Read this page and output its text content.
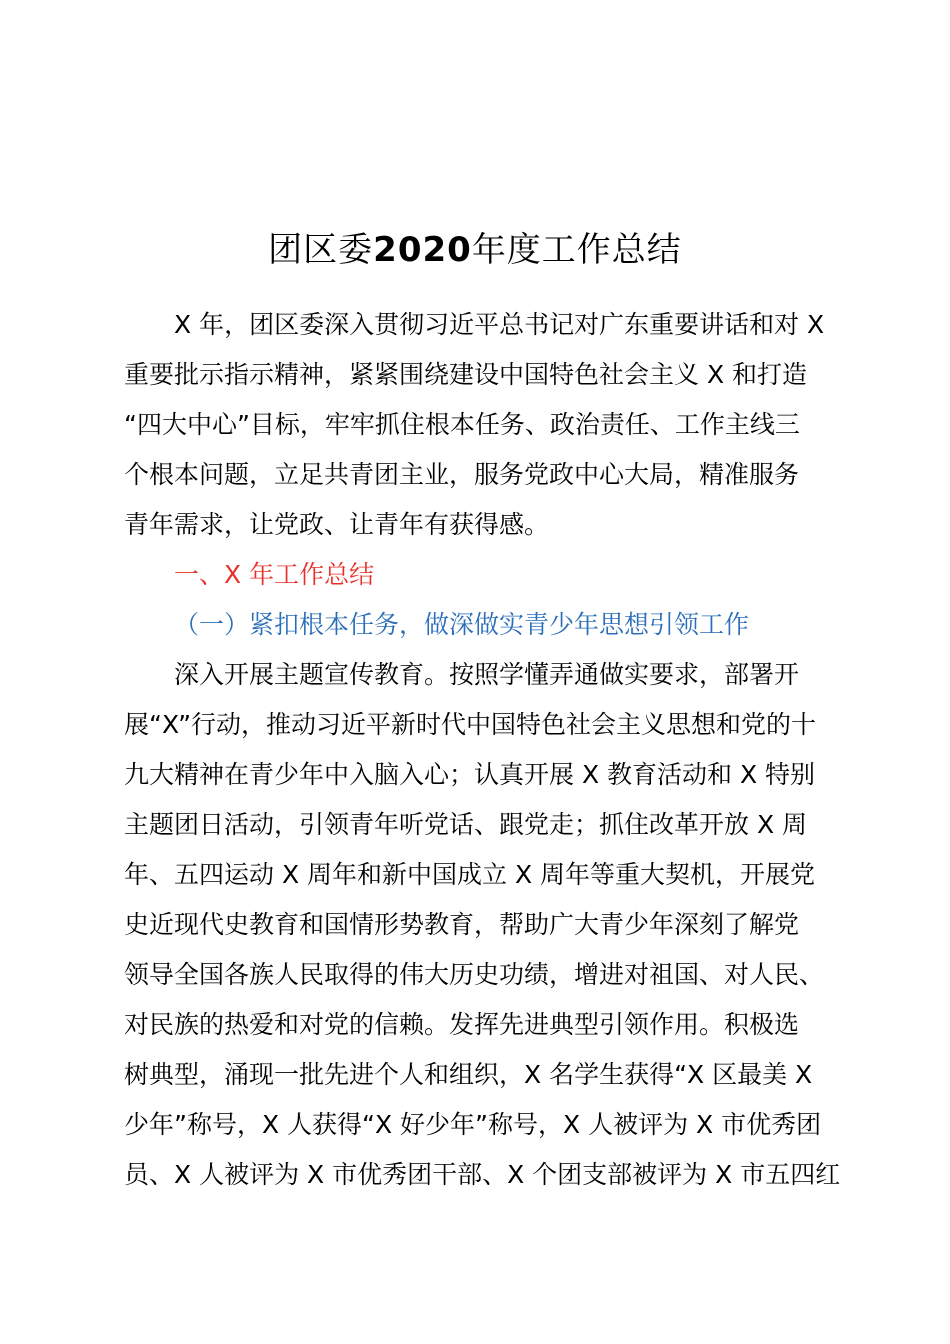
团区委2020年度工作总结
X 年，团区委深入贯彻习近平总书记对广东重要讲话和对 X
重要批示指示精神，紧紧围绕建设中国特色社会主义 X 和打造
“四大中心”目标，牢牢抓住根本任务、政治责任、工作主线三
个根本问题，立足共青团主业，服务党政中心大局，精准服务
青年需求，让党政、让青年有获得感。
一、X 年工作总结
（一）紧扣根本任务，做深做实青少年思想引领工作
深入开展主题宣传教育。按照学懂弄通做实要求，部署开
展“X”行动，推动习近平新时代中国特色社会主义思想和党的十
九大精神在青少年中入脑入心；认真开展 X 教育活动和 X 特别
主题团日活动，引领青年听党话、跟党走；抓住改革开放 X 周
年、五四运动 X 周年和新中国成立 X 周年等重大契机，开展党
史近现代史教育和国情形势教育，帮助广大青少年深刻了解党
领导全国各族人民取得的伟大历史功绩，增进对祖国、对人民、
对民族的热爱和对党的信赖。发挥先进典型引领作用。积极选
树典型，涌现一批先进个人和组织，X 名学生获得“X 区最美 X
少年”称号，X 人获得“X 好少年”称号，X 人被评为 X 市优秀团
员、X 人被评为 X 市优秀团干部、X 个团支部被评为 X 市五四红
